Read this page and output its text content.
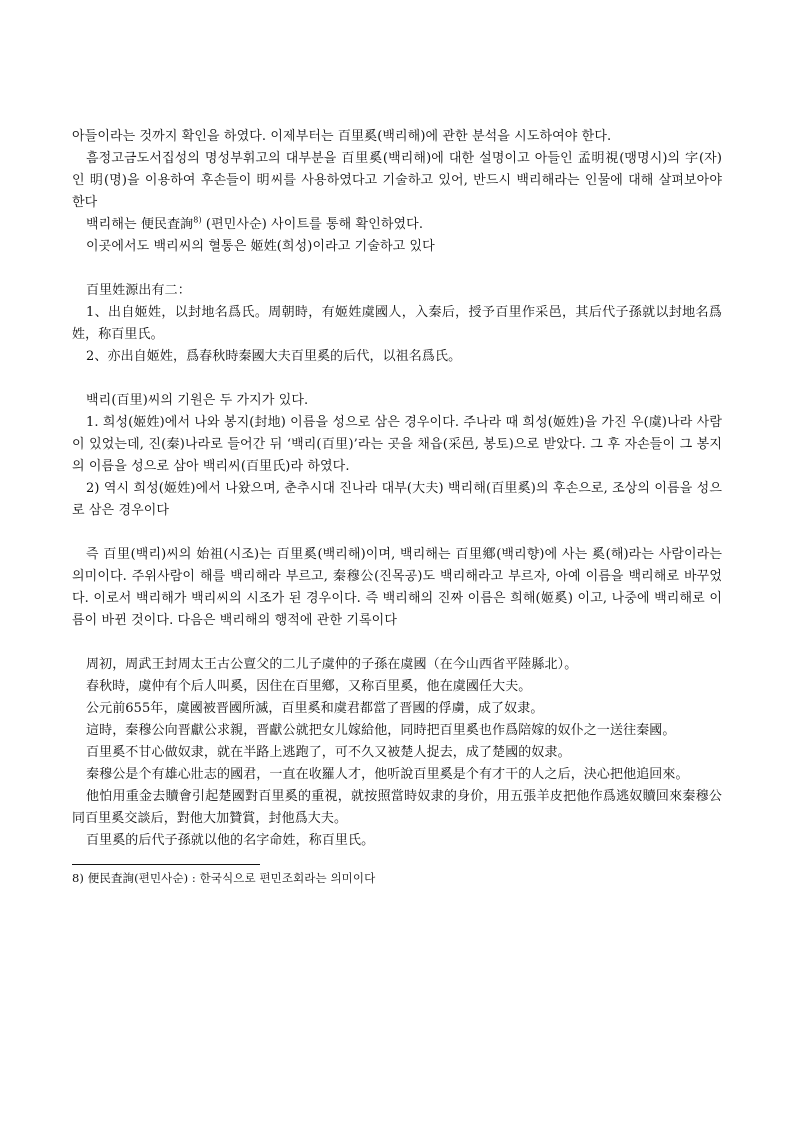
아들이라는 것까지 확인을 하였다. 이제부터는 百里奚(백리해)에 관한 분석을 시도하여야 한다.

흠정고금도서집성의 명성부휘고의 대부분을 百里奚(백리해)에 대한 설명이고 아들인 孟明視(맹명시)의 字(자)인 明(명)을 이용하여 후손들이 明씨를 사용하였다고 기술하고 있어, 반드시 백리해라는 인물에 대해 살펴보아야 한다

백리해는 便民査詢$^{8)}$ (편민사순) 사이트를 통해 확인하였다.

이곳에서도 백리씨의 혈통은 姬姓(희성)이라고 기술하고 있다

百里姓源出有二：

1、出自姬姓，以封地名爲氏。周朝時，有姬姓虞國人，入秦后，授予百里作采邑，其后代子孫就以封地名爲姓，称百里氏。

2、亦出自姬姓，爲春秋時秦國大夫百里奚的后代，以祖名爲氏。

백리(百里)씨의 기원은 두 가지가 있다.

1. 희성(姬姓)에서 나와 봉지(封地) 이름을 성으로 삼은 경우이다. 주나라 때 희성(姬姓)을 가진 우(虞)나라 사람이 있었는데, 진(秦)나라로 들어간 뒤 ‘백리(百里)’라는 곳을 채읍(采邑, 봉토)으로 받았다. 그 후 자손들이 그 봉지의 이름을 성으로 삼아 백리씨(百里氏)라 하였다.

2) 역시 희성(姬姓)에서 나왔으며, 춘추시대 진나라 대부(大夫) 백리해(百里奚)의 후손으로, 조상의 이름을 성으로 삼은 경우이다

즉 百里(백리)씨의 始祖(시조)는 百里奚(백리해)이며, 백리해는 百里鄕(백리향)에 사는 奚(해)라는 사람이라는 의미이다. 주위사람이 해를 백리해라 부르고, 秦穆公(진목공)도 백리해라고 부르자, 아예 이름을 백리해로 바꾸었다. 이로서 백리해가 백리씨의 시조가 된 경우이다. 즉 백리해의 진짜 이름은 희해(姬奚) 이고, 나중에 백리해로 이름이 바뀐 것이다. 다음은 백리해의 행적에 관한 기록이다

周初，周武王封周太王古公亶父的二儿子虞仲的子孫在虞國（在今山西省平陸縣北）。

春秋時，虞仲有个后人叫奚，因住在百里鄕，又称百里奚，他在虞國任大夫。

公元前655年，虞國被晋國所滅，百里奚和虞君都當了晋國的俘虜，成了奴隶。

這時，秦穆公向晋獻公求親，晋獻公就把女儿嫁給他，同時把百里奚也作爲陪嫁的奴仆之一送往秦國。

百里奚不甘心做奴隶，就在半路上逃跑了，可不久又被楚人捉去，成了楚國的奴隶。

秦穆公是个有雄心壯志的國君，一直在收羅人才，他听說百里奚是个有才干的人之后，決心把他追回來。

他怕用重金去贖會引起楚國對百里奚的重視，就按照當時奴隶的身价，用五張羊皮把他作爲逃奴贖回來秦穆公同百里奚交談后，對他大加贊賞，封他爲大夫。

百里奚的后代子孫就以他的名字命姓，称百里氏。

8) 便民査詢(편민사순) : 한국식으로 편민조회라는 의미이다
